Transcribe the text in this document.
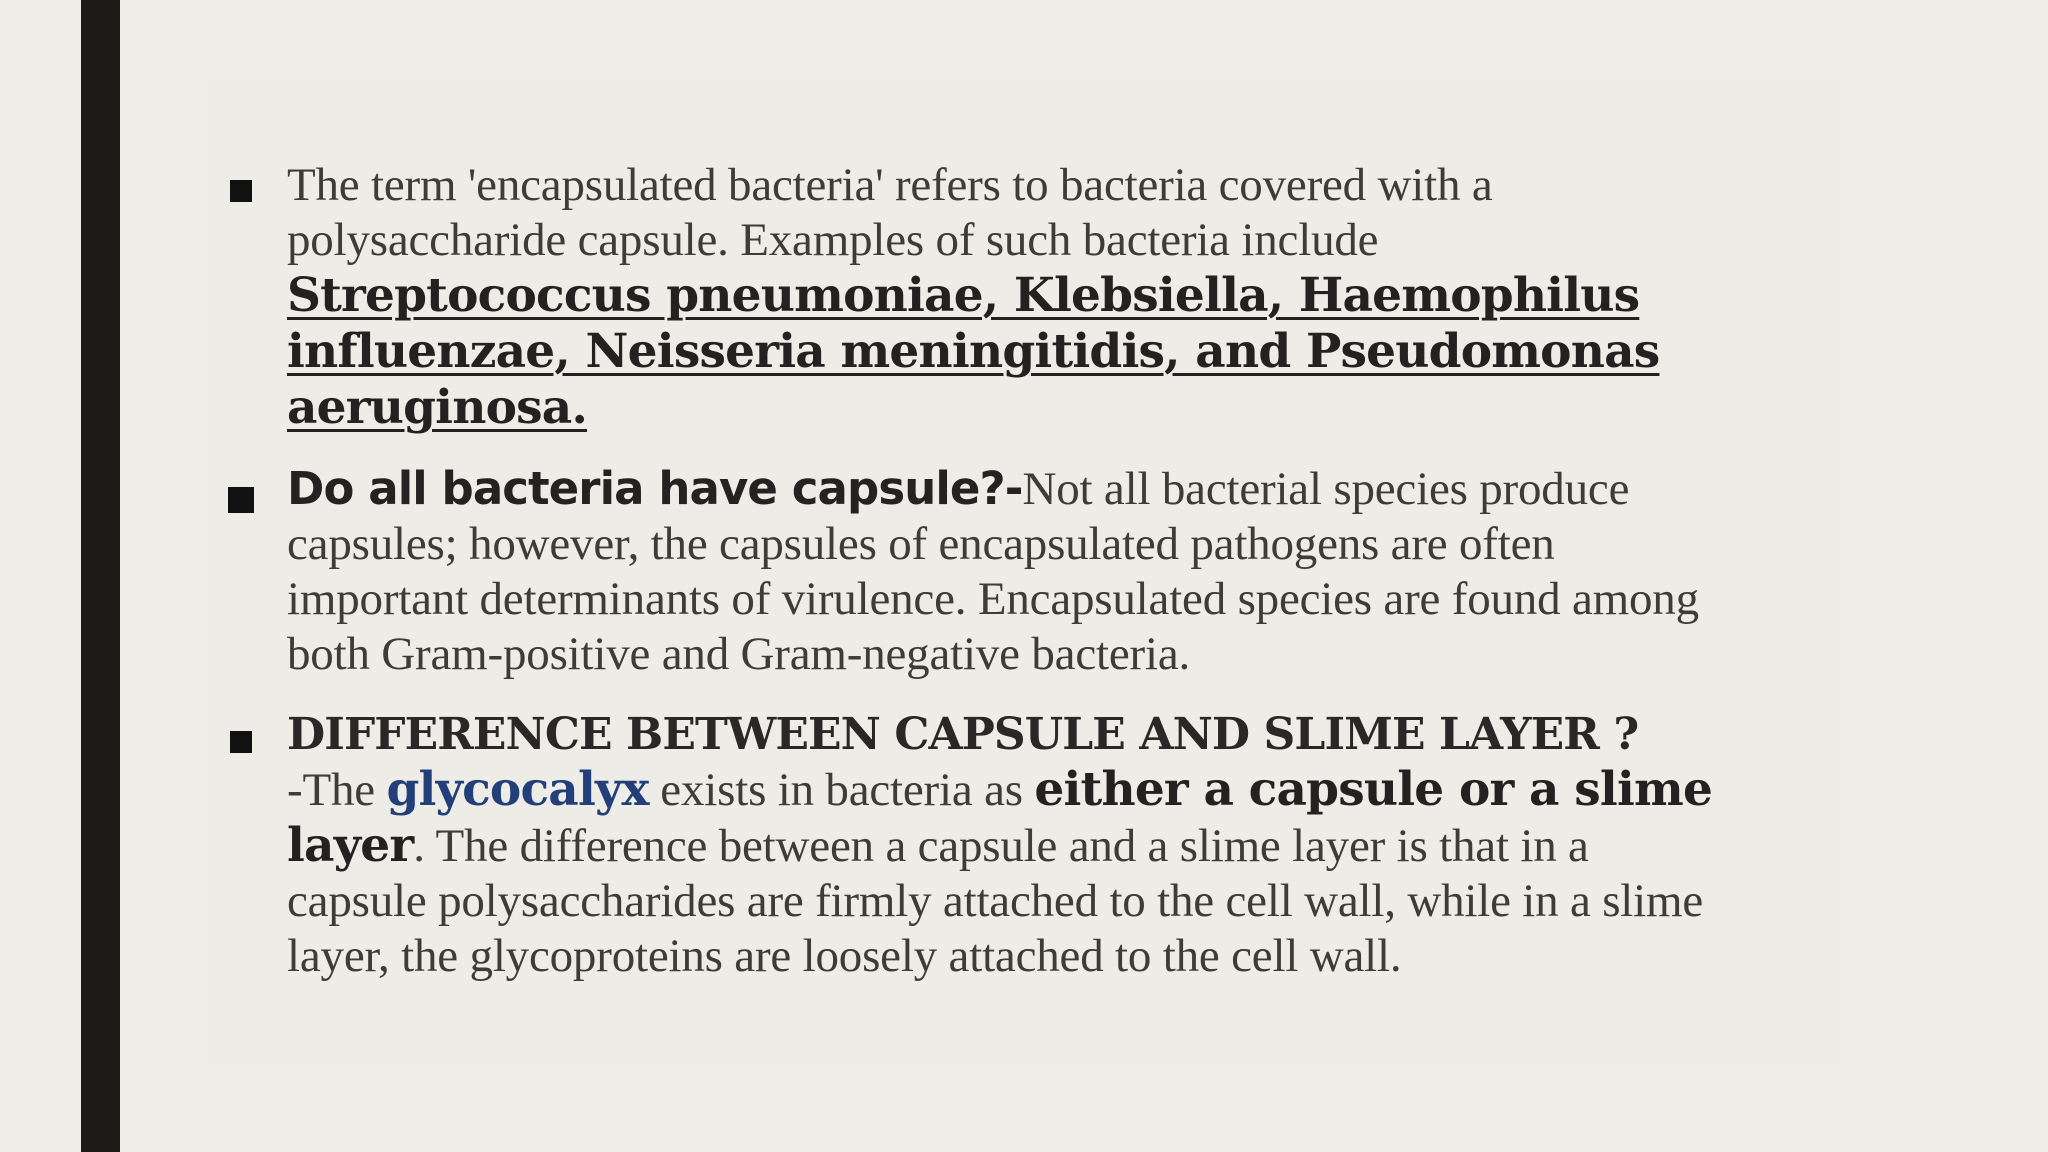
The term 'encapsulated bacteria' refers to bacteria covered with a polysaccharide capsule. Examples of such bacteria include Streptococcus pneumoniae, Klebsiella, Haemophilus influenzae, Neisseria meningitidis, and Pseudomonas aeruginosa.
Do all bacteria have capsule?-Not all bacterial species produce capsules; however, the capsules of encapsulated pathogens are often important determinants of virulence. Encapsulated species are found among both Gram-positive and Gram-negative bacteria.
DIFFERENCE BETWEEN CAPSULE AND SLIME LAYER ?
-The glycocalyx exists in bacteria as either a capsule or a slime layer. The difference between a capsule and a slime layer is that in a capsule polysaccharides are firmly attached to the cell wall, while in a slime layer, the glycoproteins are loosely attached to the cell wall.
